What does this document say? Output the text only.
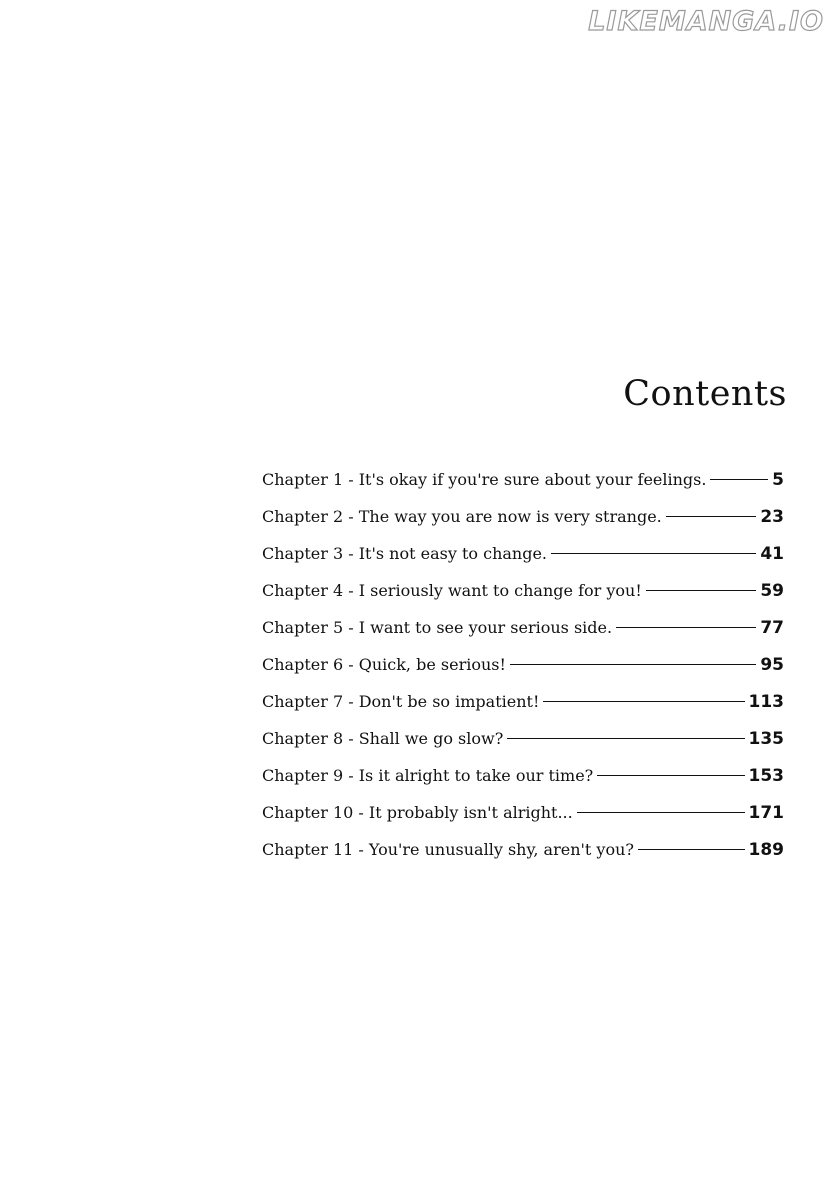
LIKEMANGA.IO
Contents
Chapter 1 - It's okay if you're sure about your feelings.	5
Chapter 2 - The way you are now is very strange.	23
Chapter 3 - It's not easy to change.	41
Chapter 4 - I seriously want to change for you!	59
Chapter 5 - I want to see your serious side.	77
Chapter 6 - Quick, be serious!	95
Chapter 7 - Don't be so impatient!	113
Chapter 8 - Shall we go slow?	135
Chapter 9 - Is it alright to take our time?	153
Chapter 10 - It probably isn't alright...	171
Chapter 11 - You're unusually shy, aren't you?	189
